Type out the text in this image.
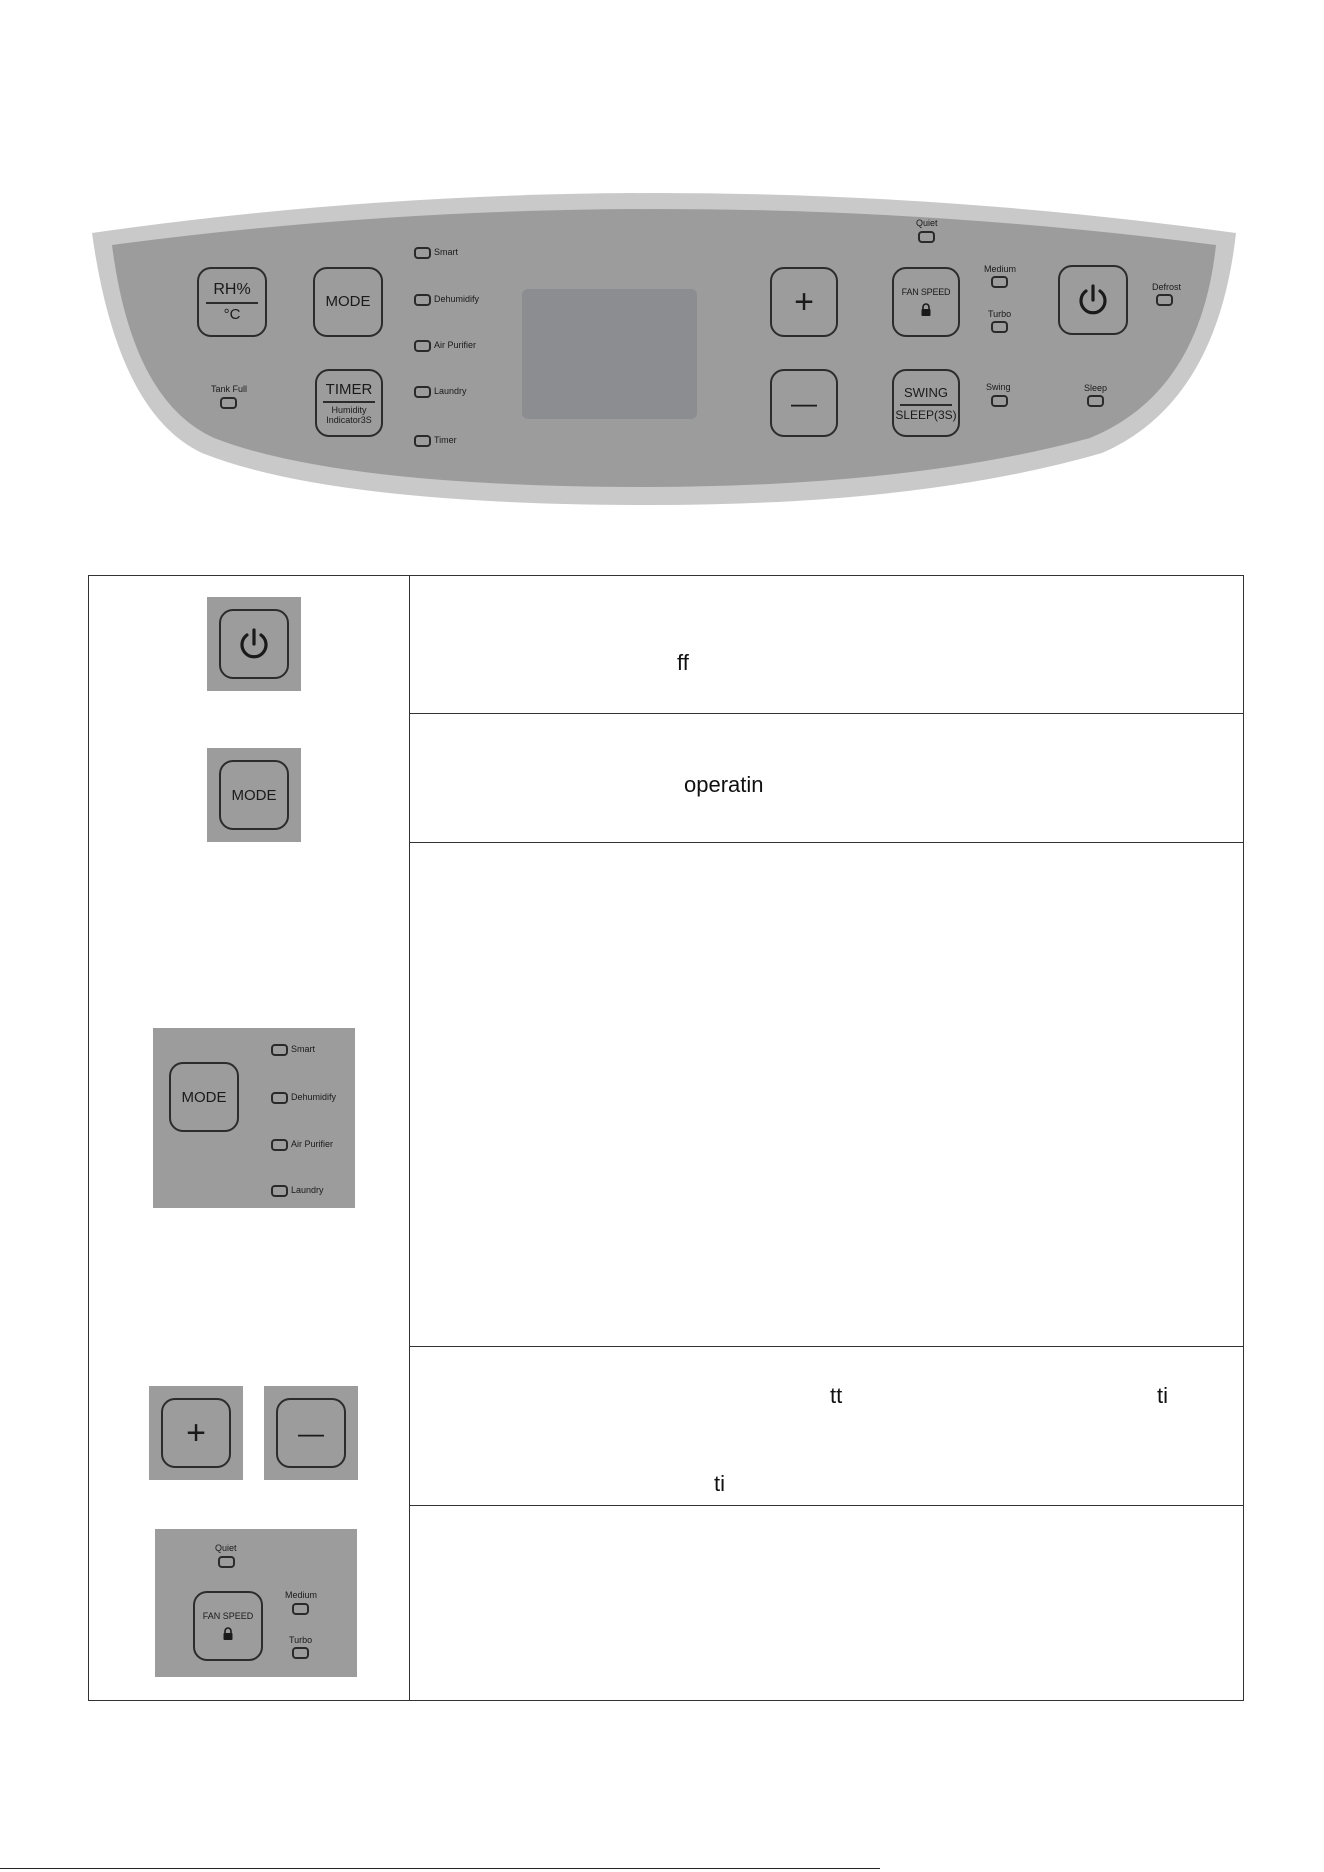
RH%
°C
MODE
TIMER
Humidity Indicator3S
+
—
FAN SPEED
SWING
SLEEP(3S)
Tank Full
Smart
Dehumidify
Air Purifier
Laundry
Timer
Quiet
Medium
Turbo
Swing
Defrost
Sleep
ff
MODE	operatin
MODE
Smart
Dehumidify
Air Purifier
Laundry
+	—
tt	ti
ti
Quiet
FAN SPEED
Medium
Turbo
